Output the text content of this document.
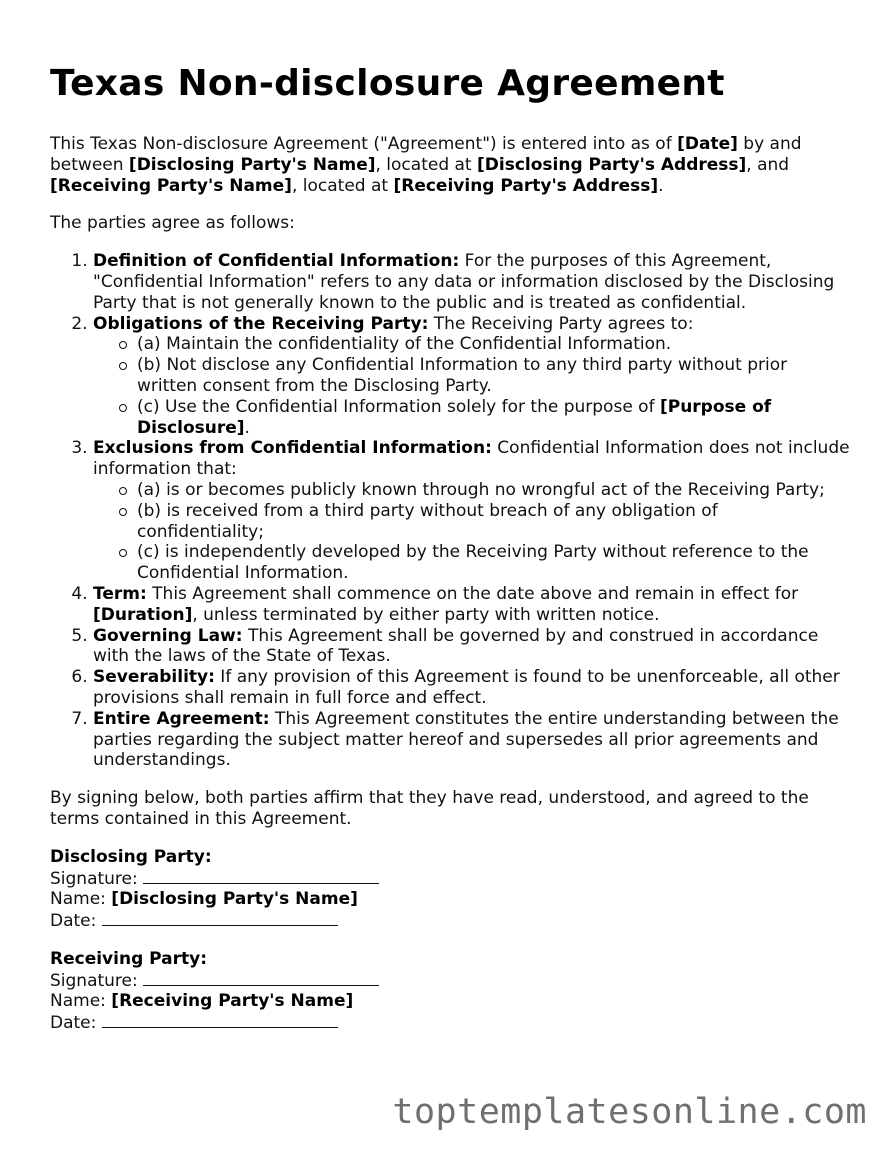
Texas Non-disclosure Agreement

This Texas Non-disclosure Agreement ("Agreement") is entered into as of [Date] by and between [Disclosing Party's Name], located at [Disclosing Party's Address], and [Receiving Party's Name], located at [Receiving Party's Address].

The parties agree as follows:

1. Definition of Confidential Information: For the purposes of this Agreement, "Confidential Information" refers to any data or information disclosed by the Disclosing Party that is not generally known to the public and is treated as confidential.
2. Obligations of the Receiving Party: The Receiving Party agrees to:
(a) Maintain the confidentiality of the Confidential Information.
(b) Not disclose any Confidential Information to any third party without prior written consent from the Disclosing Party.
(c) Use the Confidential Information solely for the purpose of [Purpose of Disclosure].
3. Exclusions from Confidential Information: Confidential Information does not include information that:
(a) is or becomes publicly known through no wrongful act of the Receiving Party;
(b) is received from a third party without breach of any obligation of confidentiality;
(c) is independently developed by the Receiving Party without reference to the Confidential Information.
4. Term: This Agreement shall commence on the date above and remain in effect for [Duration], unless terminated by either party with written notice.
5. Governing Law: This Agreement shall be governed by and construed in accordance with the laws of the State of Texas.
6. Severability: If any provision of this Agreement is found to be unenforceable, all other provisions shall remain in full force and effect.
7. Entire Agreement: This Agreement constitutes the entire understanding between the parties regarding the subject matter hereof and supersedes all prior agreements and understandings.

By signing below, both parties affirm that they have read, understood, and agreed to the terms contained in this Agreement.

Disclosing Party:
Signature:
Name: [Disclosing Party's Name]
Date:
Receiving Party:
Signature:
Name: [Receiving Party's Name]
Date:
toptemplatesonline.com
